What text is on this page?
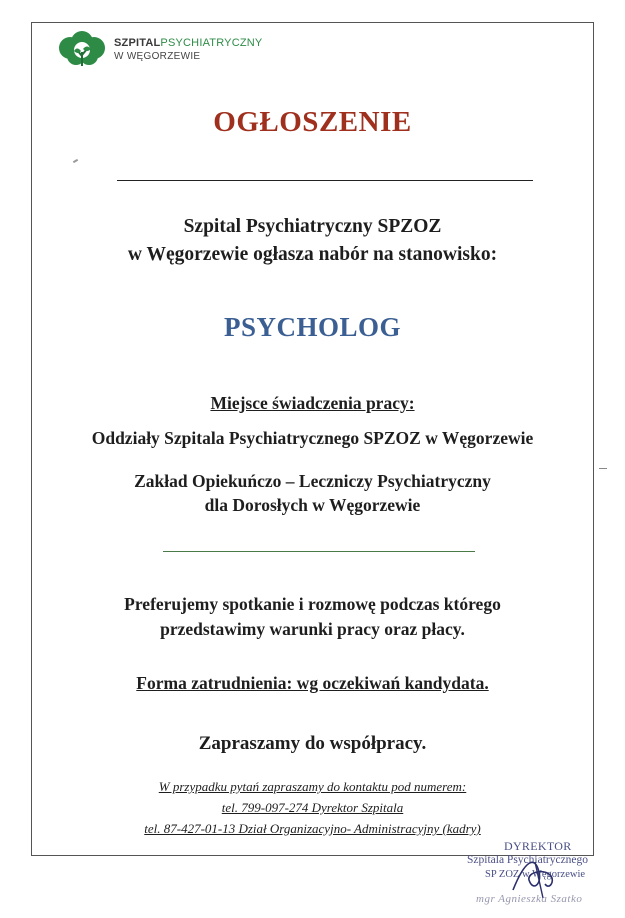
SZPITALPSYCHIATRYCZNY
W WĘGORZEWIE
OGŁOSZENIE
Szpital Psychiatryczny SPZOZ
w Węgorzewie ogłasza nabór na stanowisko:
PSYCHOLOG
Miejsce świadczenia pracy:
Oddziały Szpitala Psychiatrycznego SPZOZ w Węgorzewie
Zakład Opiekuńczo – Leczniczy Psychiatryczny
dla Dorosłych w Węgorzewie
Preferujemy spotkanie i rozmowę podczas którego
przedstawimy warunki pracy oraz płacy.
Forma zatrudnienia: wg oczekiwań kandydata.
Zapraszamy do współpracy.
W przypadku pytań zapraszamy do kontaktu pod numerem:
tel. 799-097-274 Dyrektor Szpitala
tel. 87-427-01-13 Dział Organizacyjno- Administracyjny (kadry)
DYREKTOR
Szpitala Psychiatrycznego
SP ZOZ w Węgorzewie
mgr Agnieszka Szatko
